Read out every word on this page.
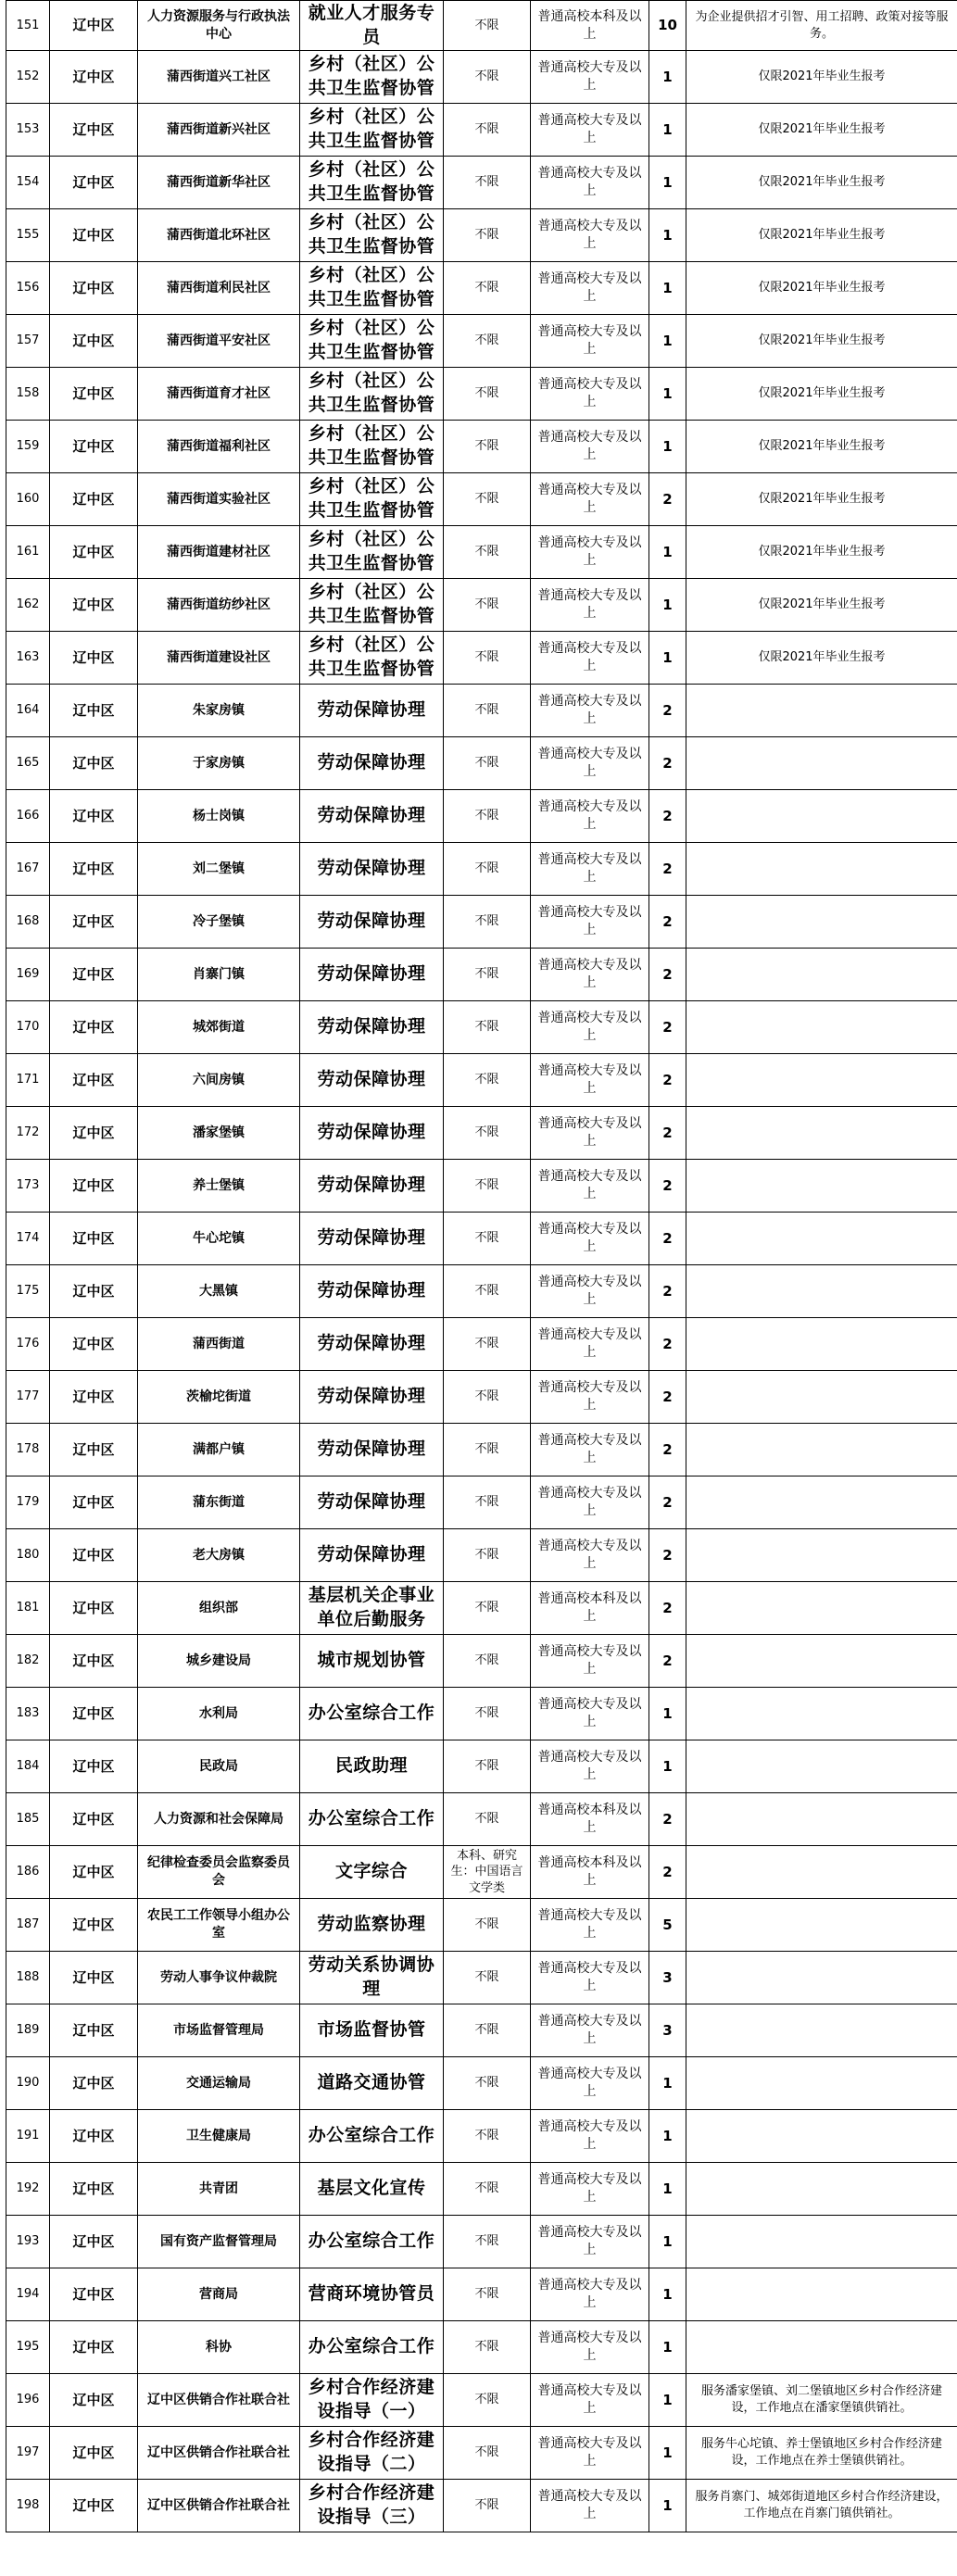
151	辽中区	人力资源服务与行政执法中心	就业人才服务专员	不限	普通高校本科及以上	10	为企业提供招才引智、用工招聘、政策对接等服务。
152	辽中区	蒲西街道兴工社区	乡村（社区）公共卫生监督协管	不限	普通高校大专及以上	1	仅限2021年毕业生报考
153	辽中区	蒲西街道新兴社区	乡村（社区）公共卫生监督协管	不限	普通高校大专及以上	1	仅限2021年毕业生报考
154	辽中区	蒲西街道新华社区	乡村（社区）公共卫生监督协管	不限	普通高校大专及以上	1	仅限2021年毕业生报考
155	辽中区	蒲西街道北环社区	乡村（社区）公共卫生监督协管	不限	普通高校大专及以上	1	仅限2021年毕业生报考
156	辽中区	蒲西街道利民社区	乡村（社区）公共卫生监督协管	不限	普通高校大专及以上	1	仅限2021年毕业生报考
157	辽中区	蒲西街道平安社区	乡村（社区）公共卫生监督协管	不限	普通高校大专及以上	1	仅限2021年毕业生报考
158	辽中区	蒲西街道育才社区	乡村（社区）公共卫生监督协管	不限	普通高校大专及以上	1	仅限2021年毕业生报考
159	辽中区	蒲西街道福利社区	乡村（社区）公共卫生监督协管	不限	普通高校大专及以上	1	仅限2021年毕业生报考
160	辽中区	蒲西街道实验社区	乡村（社区）公共卫生监督协管	不限	普通高校大专及以上	2	仅限2021年毕业生报考
161	辽中区	蒲西街道建材社区	乡村（社区）公共卫生监督协管	不限	普通高校大专及以上	1	仅限2021年毕业生报考
162	辽中区	蒲西街道纺纱社区	乡村（社区）公共卫生监督协管	不限	普通高校大专及以上	1	仅限2021年毕业生报考
163	辽中区	蒲西街道建设社区	乡村（社区）公共卫生监督协管	不限	普通高校大专及以上	1	仅限2021年毕业生报考
164	辽中区	朱家房镇	劳动保障协理	不限	普通高校大专及以上	2	
165	辽中区	于家房镇	劳动保障协理	不限	普通高校大专及以上	2	
166	辽中区	杨士岗镇	劳动保障协理	不限	普通高校大专及以上	2	
167	辽中区	刘二堡镇	劳动保障协理	不限	普通高校大专及以上	2	
168	辽中区	冷子堡镇	劳动保障协理	不限	普通高校大专及以上	2	
169	辽中区	肖寨门镇	劳动保障协理	不限	普通高校大专及以上	2	
170	辽中区	城郊街道	劳动保障协理	不限	普通高校大专及以上	2	
171	辽中区	六间房镇	劳动保障协理	不限	普通高校大专及以上	2	
172	辽中区	潘家堡镇	劳动保障协理	不限	普通高校大专及以上	2	
173	辽中区	养士堡镇	劳动保障协理	不限	普通高校大专及以上	2	
174	辽中区	牛心坨镇	劳动保障协理	不限	普通高校大专及以上	2	
175	辽中区	大黑镇	劳动保障协理	不限	普通高校大专及以上	2	
176	辽中区	蒲西街道	劳动保障协理	不限	普通高校大专及以上	2	
177	辽中区	茨榆坨街道	劳动保障协理	不限	普通高校大专及以上	2	
178	辽中区	满都户镇	劳动保障协理	不限	普通高校大专及以上	2	
179	辽中区	蒲东街道	劳动保障协理	不限	普通高校大专及以上	2	
180	辽中区	老大房镇	劳动保障协理	不限	普通高校大专及以上	2	
181	辽中区	组织部	基层机关企事业单位后勤服务	不限	普通高校本科及以上	2	
182	辽中区	城乡建设局	城市规划协管	不限	普通高校大专及以上	2	
183	辽中区	水利局	办公室综合工作	不限	普通高校大专及以上	1	
184	辽中区	民政局	民政助理	不限	普通高校大专及以上	1	
185	辽中区	人力资源和社会保障局	办公室综合工作	不限	普通高校本科及以上	2	
186	辽中区	纪律检查委员会监察委员会	文字综合	本科、研究生：中国语言文学类	普通高校本科及以上	2	
187	辽中区	农民工工作领导小组办公室	劳动监察协理	不限	普通高校大专及以上	5	
188	辽中区	劳动人事争议仲裁院	劳动关系协调协理	不限	普通高校大专及以上	3	
189	辽中区	市场监督管理局	市场监督协管	不限	普通高校大专及以上	3	
190	辽中区	交通运输局	道路交通协管	不限	普通高校大专及以上	1	
191	辽中区	卫生健康局	办公室综合工作	不限	普通高校大专及以上	1	
192	辽中区	共青团	基层文化宣传	不限	普通高校大专及以上	1	
193	辽中区	国有资产监督管理局	办公室综合工作	不限	普通高校大专及以上	1	
194	辽中区	营商局	营商环境协管员	不限	普通高校大专及以上	1	
195	辽中区	科协	办公室综合工作	不限	普通高校大专及以上	1	
196	辽中区	辽中区供销合作社联合社	乡村合作经济建设指导（一）	不限	普通高校大专及以上	1	服务潘家堡镇、刘二堡镇地区乡村合作经济建设，工作地点在潘家堡镇供销社。
197	辽中区	辽中区供销合作社联合社	乡村合作经济建设指导（二）	不限	普通高校大专及以上	1	服务牛心坨镇、养士堡镇地区乡村合作经济建设，工作地点在养士堡镇供销社。
198	辽中区	辽中区供销合作社联合社	乡村合作经济建设指导（三）	不限	普通高校大专及以上	1	服务肖寨门、城郊街道地区乡村合作经济建设，工作地点在肖寨门镇供销社。
